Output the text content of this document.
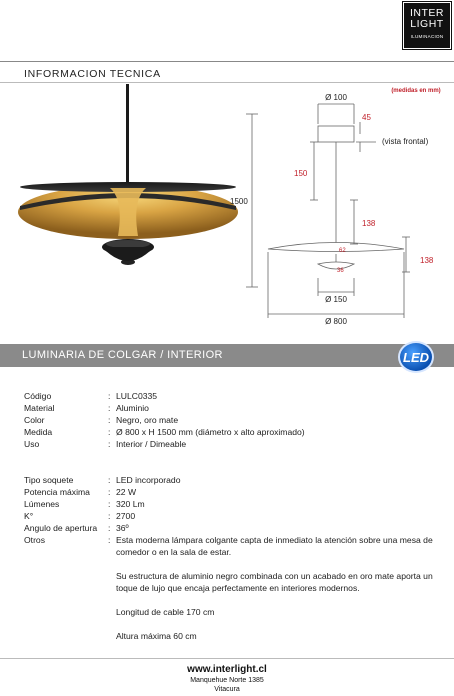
INTER
LIGHT
ILUMINACION
INFORMACION TECNICA
(medidas en mm)
Ø 100
45
(vista frontal)
150
1500
138
62
36
138
Ø 150
Ø 800
LUMINARIA DE COLGAR / INTERIOR	LED
Código	: LULC0335
Material	: Aluminio
Color	: Negro, oro mate
Medida	: Ø 800 x H 1500 mm (diámetro x alto aproximado)
Uso	: Interior / Dimeable
Tipo soquete	: LED incorporado
Potencia máxima	: 22 W
Lúmenes	: 320 Lm
K°	: 2700
Angulo de apertura	: 36º
Otros	: Esta moderna lámpara colgante capta de inmediato la atención sobre una mesa de comedor o en la sala de estar.

Su estructura de aluminio negro combinada con un acabado en oro mate aporta un toque de lujo que encaja perfectamente en interiores modernos.

Longitud de cable 170 cm

Altura máxima 60 cm

www.interlight.cl
Manquehue Norte 1385
Vitacura
